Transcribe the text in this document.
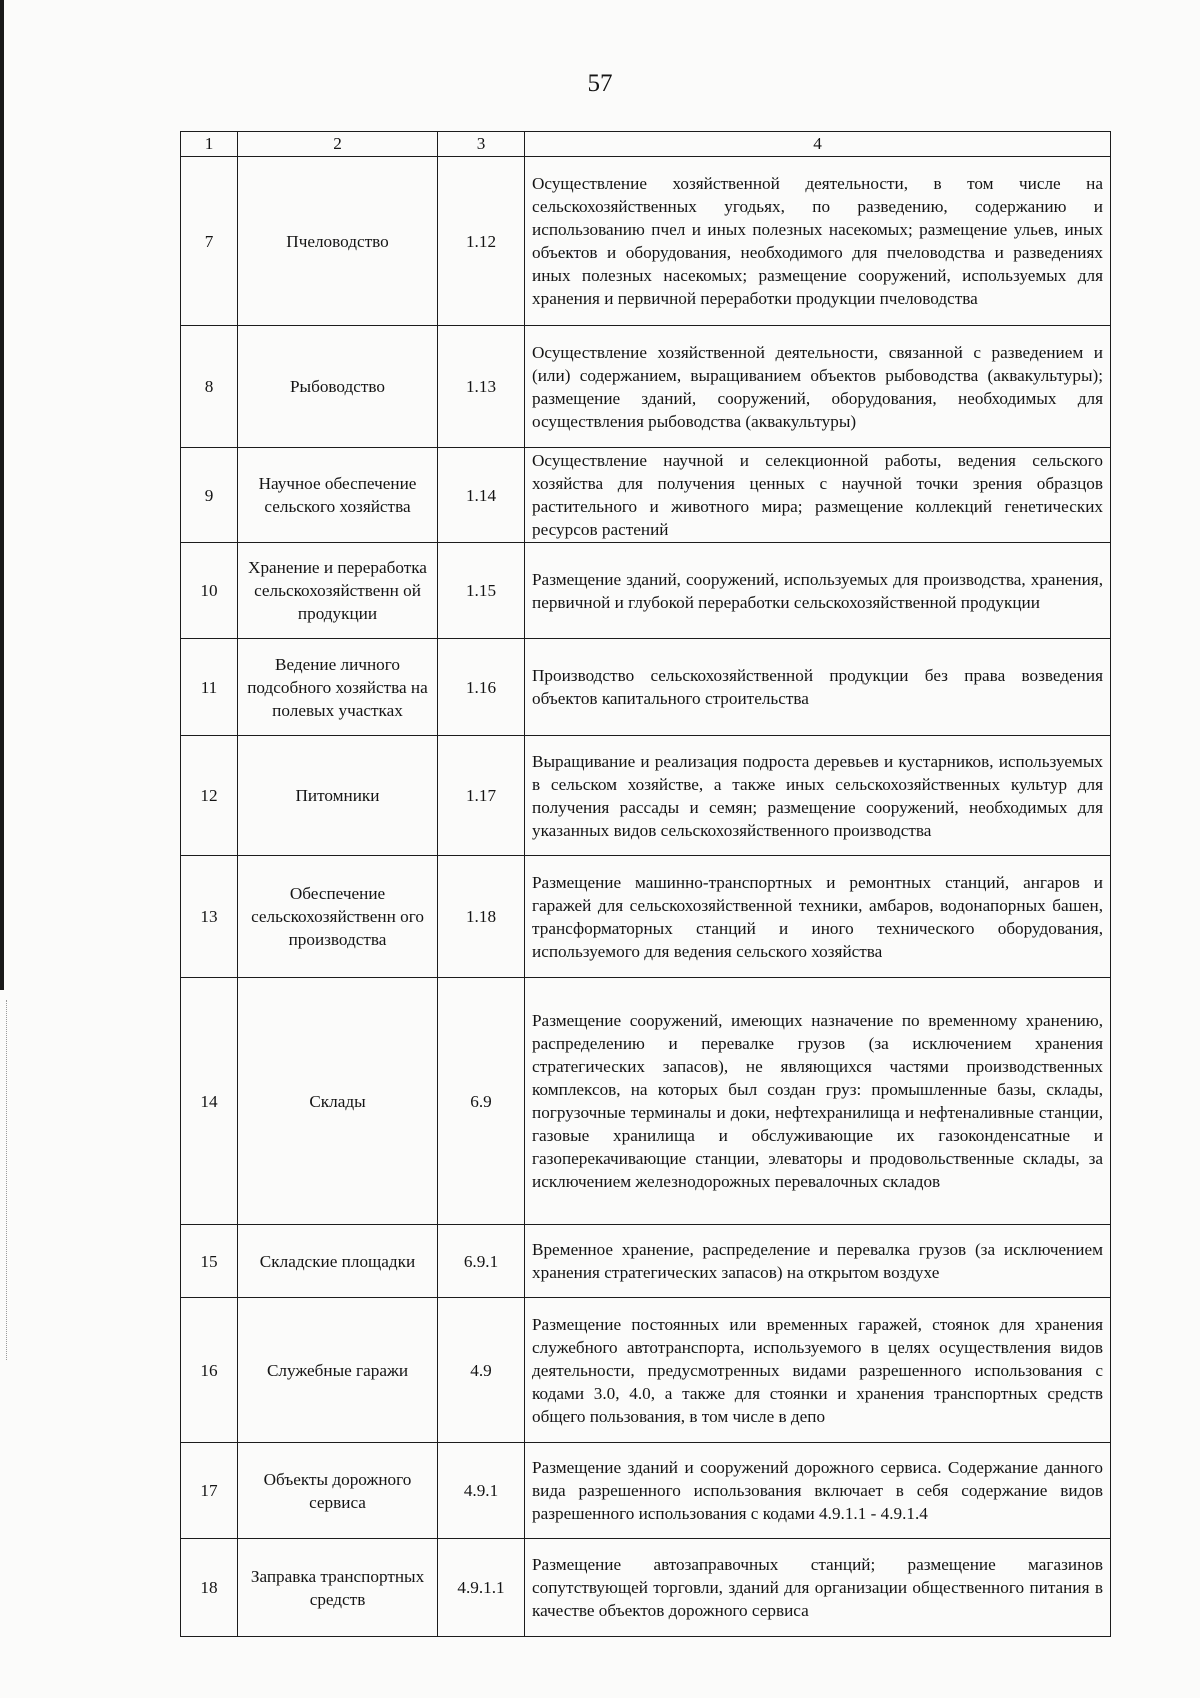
57
1	2	3	4
7	Пчеловодство	1.12	Осуществление хозяйственной деятельности, в том числе на сельскохозяйственных угодьях, по разведению, содержанию и использованию пчел и иных полезных насекомых; размещение ульев, иных объектов и оборудования, необходимого для пчеловодства и разведениях иных полезных насекомых; размещение сооружений, используемых для хранения и первичной переработки продукции пчеловодства
8	Рыбоводство	1.13	Осуществление хозяйственной деятельности, связанной с разведением и (или) содержанием, выращиванием объектов рыбоводства (аквакультуры); размещение зданий, сооружений, оборудования, необходимых для осуществления рыбоводства (аквакультуры)
9	Научное обеспечение сельского хозяйства	1.14	Осуществление научной и селекционной работы, ведения сельского хозяйства для получения ценных с научной точки зрения образцов растительного и животного мира; размещение коллекций генетических ресурсов растений
10	Хранение и переработка сельскохозяйственн ой продукции	1.15	Размещение зданий, сооружений, используемых для производства, хранения, первичной и глубокой переработки сельскохозяйственной продукции
11	Ведение личного подсобного хозяйства на полевых участках	1.16	Производство сельскохозяйственной продукции без права возведения объектов капитального строительства
12	Питомники	1.17	Выращивание и реализация подроста деревьев и кустарников, используемых в сельском хозяйстве, а также иных сельскохозяйственных культур для получения рассады и семян; размещение сооружений, необходимых для указанных видов сельскохозяйственного производства
13	Обеспечение сельскохозяйственн ого производства	1.18	Размещение машинно-транспортных и ремонтных станций, ангаров и гаражей для сельскохозяйственной техники, амбаров, водонапорных башен, трансформаторных станций и иного технического оборудования, используемого для ведения сельского хозяйства
14	Склады	6.9	Размещение сооружений, имеющих назначение по временному хранению, распределению и перевалке грузов (за исключением хранения стратегических запасов), не являющихся частями производственных комплексов, на которых был создан груз: промышленные базы, склады, погрузочные терминалы и доки, нефтехранилища и нефтеналивные станции, газовые хранилища и обслуживающие их газоконденсатные и газоперекачивающие станции, элеваторы и продовольственные склады, за исключением железнодорожных перевалочных складов
15	Складские площадки	6.9.1	Временное хранение, распределение и перевалка грузов (за исключением хранения стратегических запасов) на открытом воздухе
16	Служебные гаражи	4.9	Размещение постоянных или временных гаражей, стоянок для хранения служебного автотранспорта, используемого в целях осуществления видов деятельности, предусмотренных видами разрешенного использования с кодами 3.0, 4.0, а также для стоянки и хранения транспортных средств общего пользования, в том числе в депо
17	Объекты дорожного сервиса	4.9.1	Размещение зданий и сооружений дорожного сервиса. Содержание данного вида разрешенного использования включает в себя содержание видов разрешенного использования с кодами 4.9.1.1 - 4.9.1.4
18	Заправка транспортных средств	4.9.1.1	Размещение автозаправочных станций; размещение магазинов сопутствующей торговли, зданий для организации общественного питания в качестве объектов дорожного сервиса
